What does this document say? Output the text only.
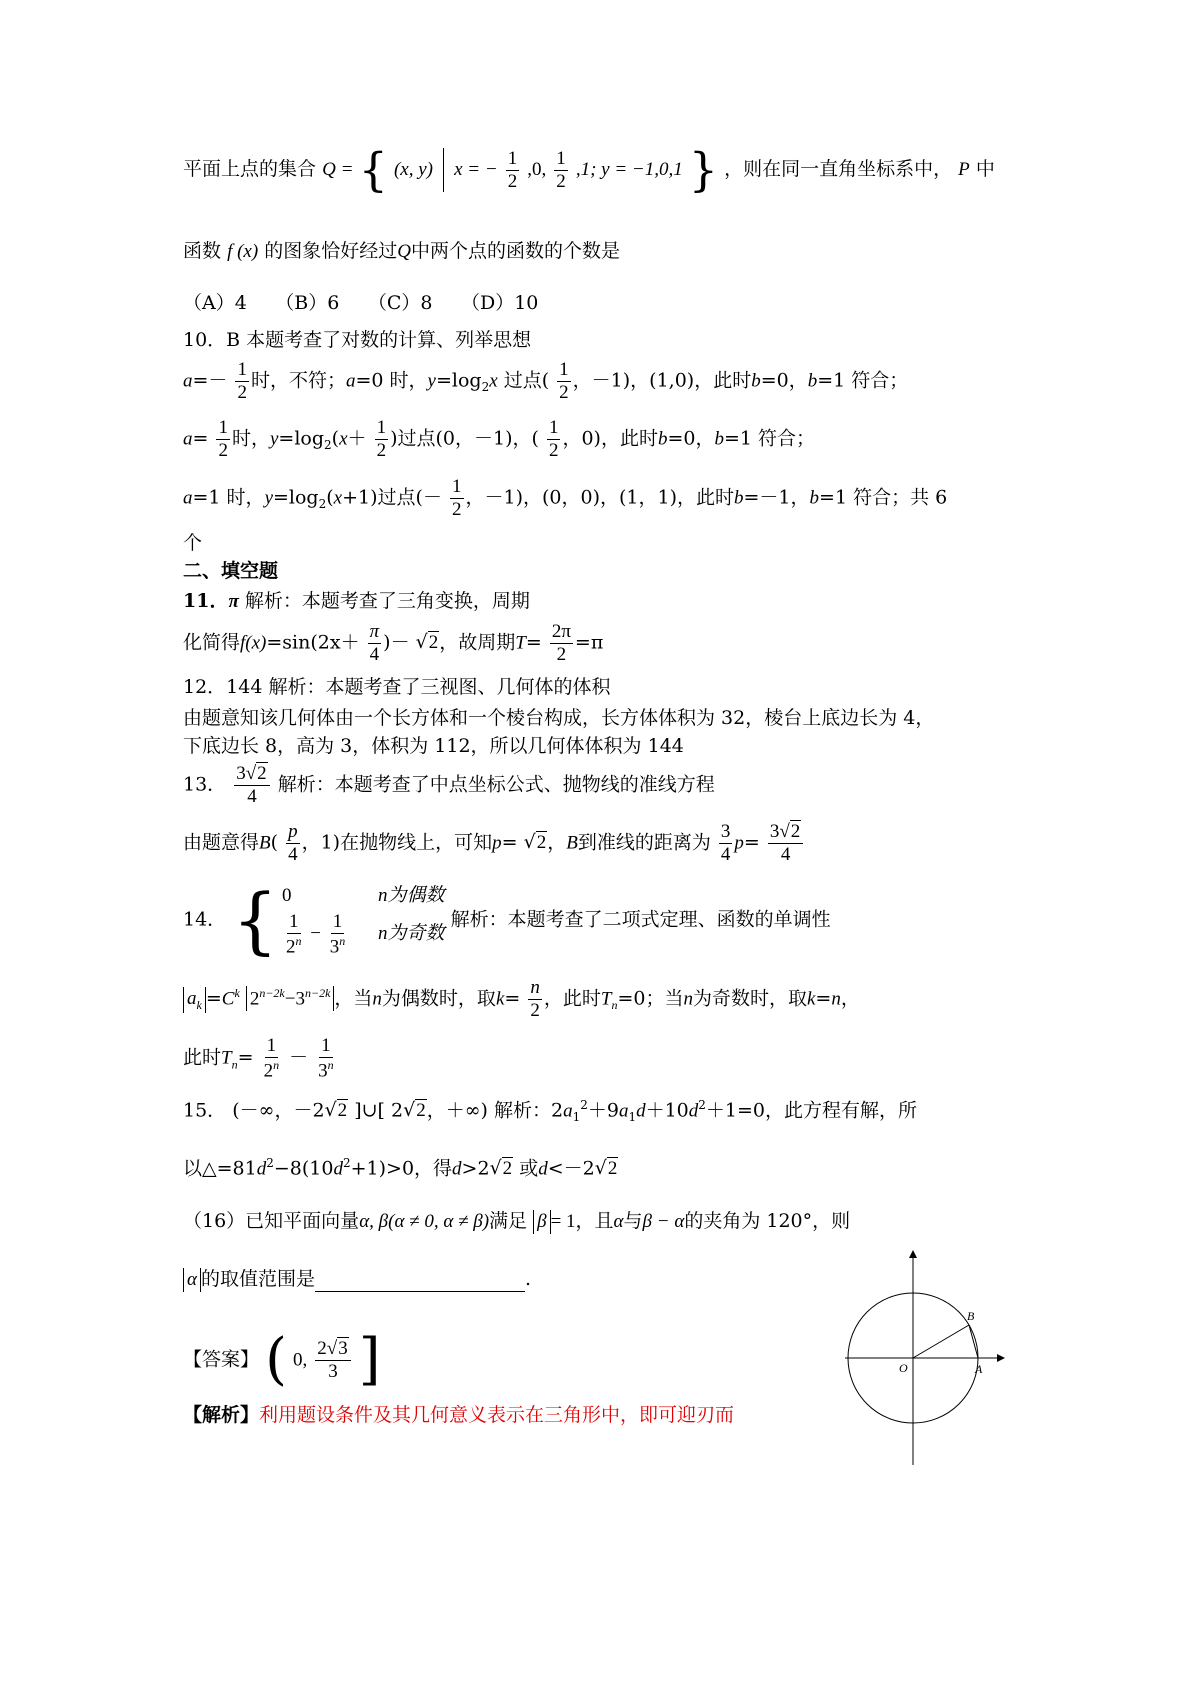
平面上点的集合 Q = { (x, y) x = − $\frac{1}{2} ,0$, $\frac{1}{2} ,1$; y = −1,0,1 } ，则在同一直角坐标系中， P 中
函数 f (x) 的图象恰好经过Q中两个点的函数的个数是
（A）4　　（B）6　　（C）8　　（D）10
10．B 本题考查了对数的计算、列举思想
$a=- \frac{1}{2}$ 时，不符；a=0 时，$y=\log_2x$ 过点( $\frac{1}{2}$ ，－1)，(1,0)，此时b=0，b=1 符合；
$a= \frac{1}{2}$ 时，$y=\log_2(x+ \frac{1}{2}$ )过点(0，－1)，( $\frac{1}{2}$ ，0)，此时b=0，b=1 符合；
a=1 时，$y=\log_2(x+1)$过点(－ $\frac{1}{2}$ ，－1)，(0，0)，(1，1)，此时b=－1，b=1 符合；共 6
个
二、填空题
11．π 解析：本题考查了三角变换，周期
化简得$f(x)=\sin(2x+ \frac{\pi}{4}$ )－ √2，故周期$T= \frac{2\pi}{2} =\pi$
12．144 解析：本题考查了三视图、几何体的体积
由题意知该几何体由一个长方体和一个棱台构成，长方体体积为 32，棱台上底边长为 4，
下底边长 8，高为 3，体积为 112，所以几何体体积为 144
13． $\frac{3√2}{4}$ 解析：本题考查了中点坐标公式、抛物线的准线方程
由题意得$B( \frac{p}{4}$ ，1)在抛物线上，可知p= √2，B到准线的距离为 $\frac{3}{4} p= \frac{3√2}{4}$
14． { 0	n为偶数
$\frac{1}{2^n} - \frac{1}{3^n}$ n为奇数
解析：本题考查了二项式定理、函数的单调性
$a_k =C^k$ $2^{n-2k}-3^{n-2k}$ ，当n为偶数时，取$k= \frac{n}{2}$ ，此时$T_n=0$；当n为奇数时，取k=n，
此时$T_n= \frac{1}{2^n} - \frac{1}{3^n}$
15． (－∞，－2√2 ]∪[ 2√2，＋∞) 解析：$2a_1^2+9a_1d+10d^2+1=0$，此方程有解，所
以$\triangle=81d^2-8(10d^2+1)>0$，得d>2√2 或d<－2√2
（16）已知平面向量α, β(α ≠ 0, α ≠ β)满足 β = 1，且α与β − α的夹角为 120°，则
α 的取值范围是	.
【答案】 ( 0, $\frac{2√3}{3}$ ]
【解析】利用题设条件及其几何意义表示在三角形中，即可迎刃而
O	A
B
